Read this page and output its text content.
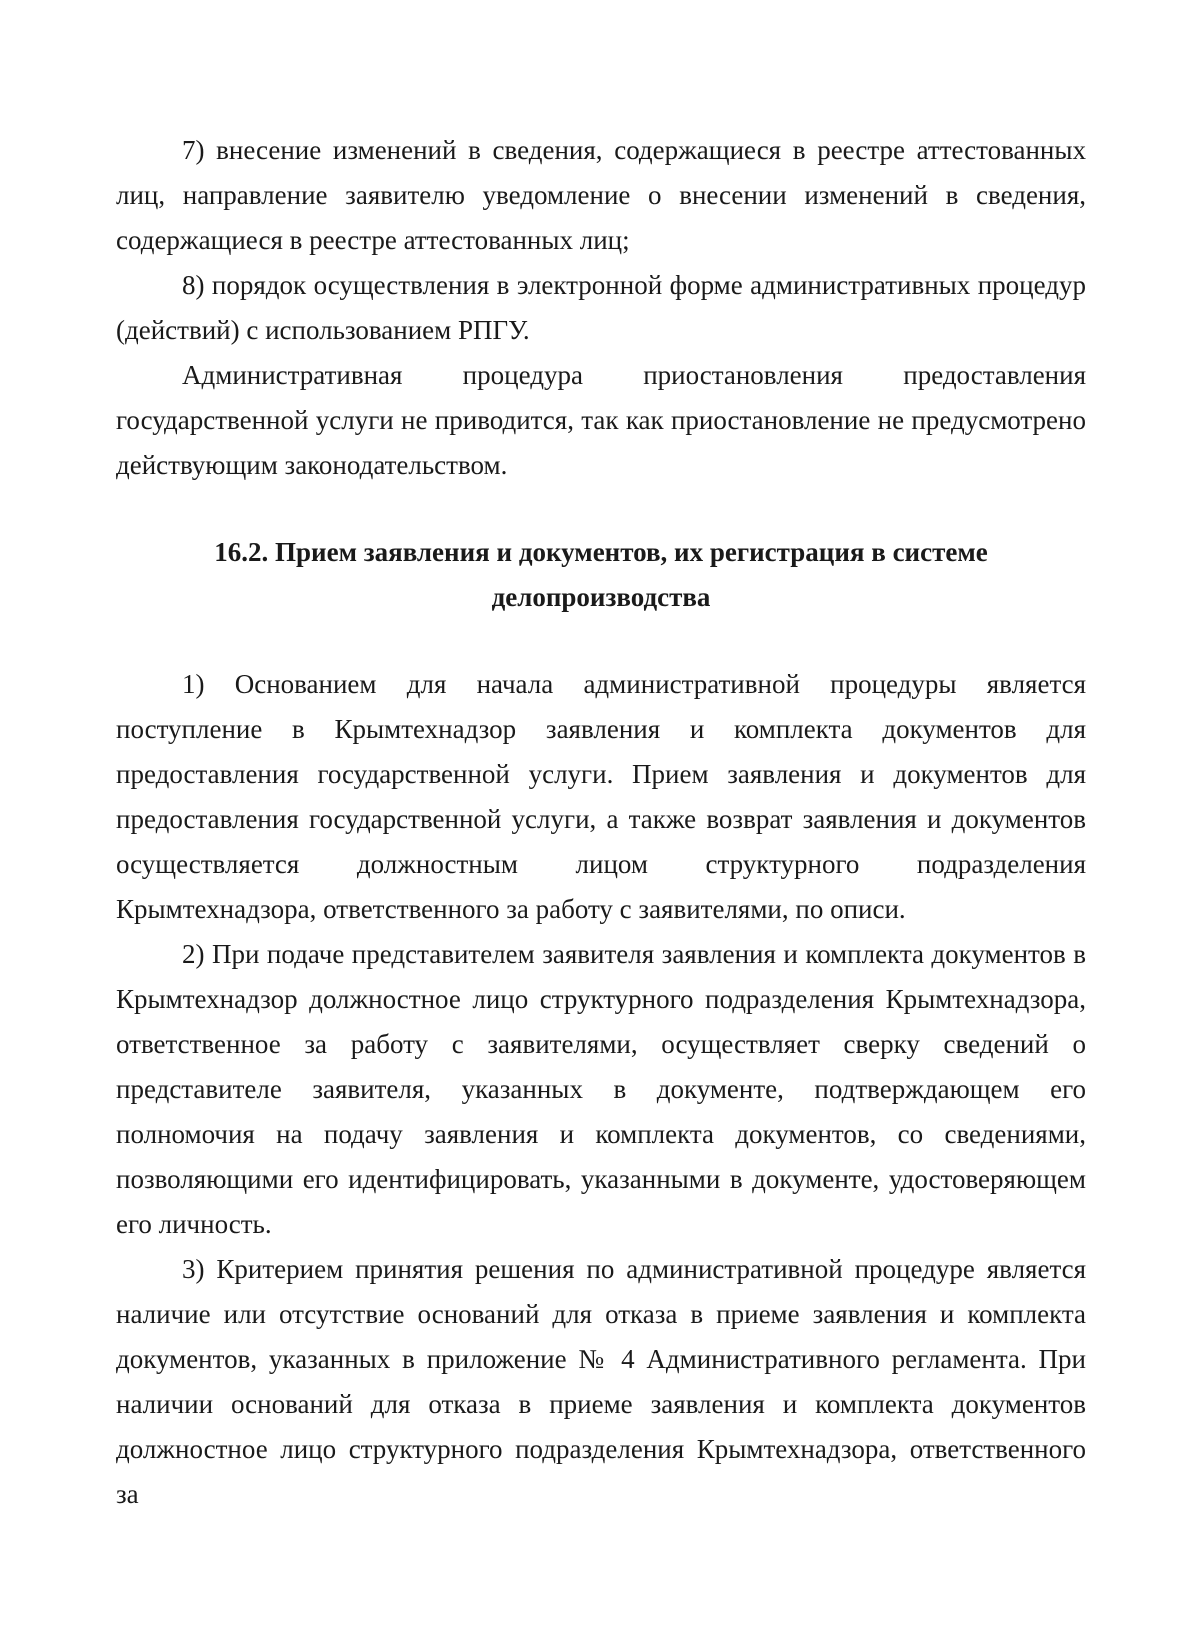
7) внесение изменений в сведения, содержащиеся в реестре аттестованных лиц, направление заявителю уведомление о внесении изменений в сведения, содержащиеся в реестре аттестованных лиц;

8) порядок осуществления в электронной форме административных процедур (действий) с использованием РПГУ.

Административная процедура приостановления предоставления государственной услуги не приводится, так как приостановление не предусмотрено действующим законодательством.

16.2. Прием заявления и документов, их регистрация в системе

делопроизводства

1) Основанием для начала административной процедуры является поступление в Крымтехнадзор заявления и комплекта документов для предоставления государственной услуги. Прием заявления и документов для предоставления государственной услуги, а также возврат заявления и документов осуществляется должностным лицом структурного подразделения Крымтехнадзора, ответственного за работу с заявителями, по описи.

2) При подаче представителем заявителя заявления и комплекта документов в Крымтехнадзор должностное лицо структурного подразделения Крымтехнадзора, ответственное за работу с заявителями, осуществляет сверку сведений о представителе заявителя, указанных в документе, подтверждающем его полномочия на подачу заявления и комплекта документов, со сведениями, позволяющими его идентифицировать, указанными в документе, удостоверяющем его личность.

3) Критерием принятия решения по административной процедуре является наличие или отсутствие оснований для отказа в приеме заявления и комплекта документов, указанных в приложение № 4 Административного регламента. При наличии оснований для отказа в приеме заявления и комплекта документов должностное лицо структурного подразделения Крымтехнадзора, ответственного за
